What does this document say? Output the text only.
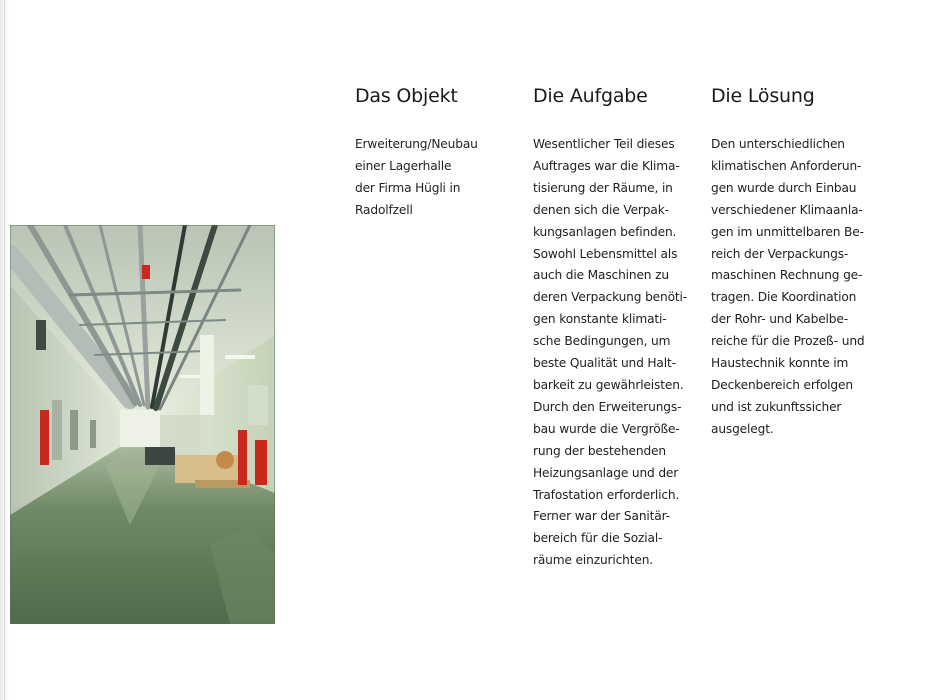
Das Objekt

Erweiterung/Neubau
einer Lagerhalle
der Firma Hügli in
Radolfzell

Die Aufgabe

Wesentlicher Teil dieses
Auftrages war die Klima-
tisierung der Räume, in
denen sich die Verpak-
kungsanlagen befinden.
Sowohl Lebensmittel als
auch die Maschinen zu
deren Verpackung benöti-
gen konstante klimati-
sche Bedingungen, um
beste Qualität und Halt-
barkeit zu gewährleisten.
Durch den Erweiterungs-
bau wurde die Vergröße-
rung der bestehenden
Heizungsanlage und der
Trafostation erforderlich.
Ferner war der Sanitär-
bereich für die Sozial-
räume einzurichten.

Die Lösung

Den unterschiedlichen
klimatischen Anforderun-
gen wurde durch Einbau
verschiedener Klimaanla-
gen im unmittelbaren Be-
reich der Verpackungs-
maschinen Rechnung ge-
tragen. Die Koordination
der Rohr- und Kabelbe-
reiche für die Prozeß- und
Haustechnik konnte im
Deckenbereich erfolgen
und ist zukunftssicher
ausgelegt.
